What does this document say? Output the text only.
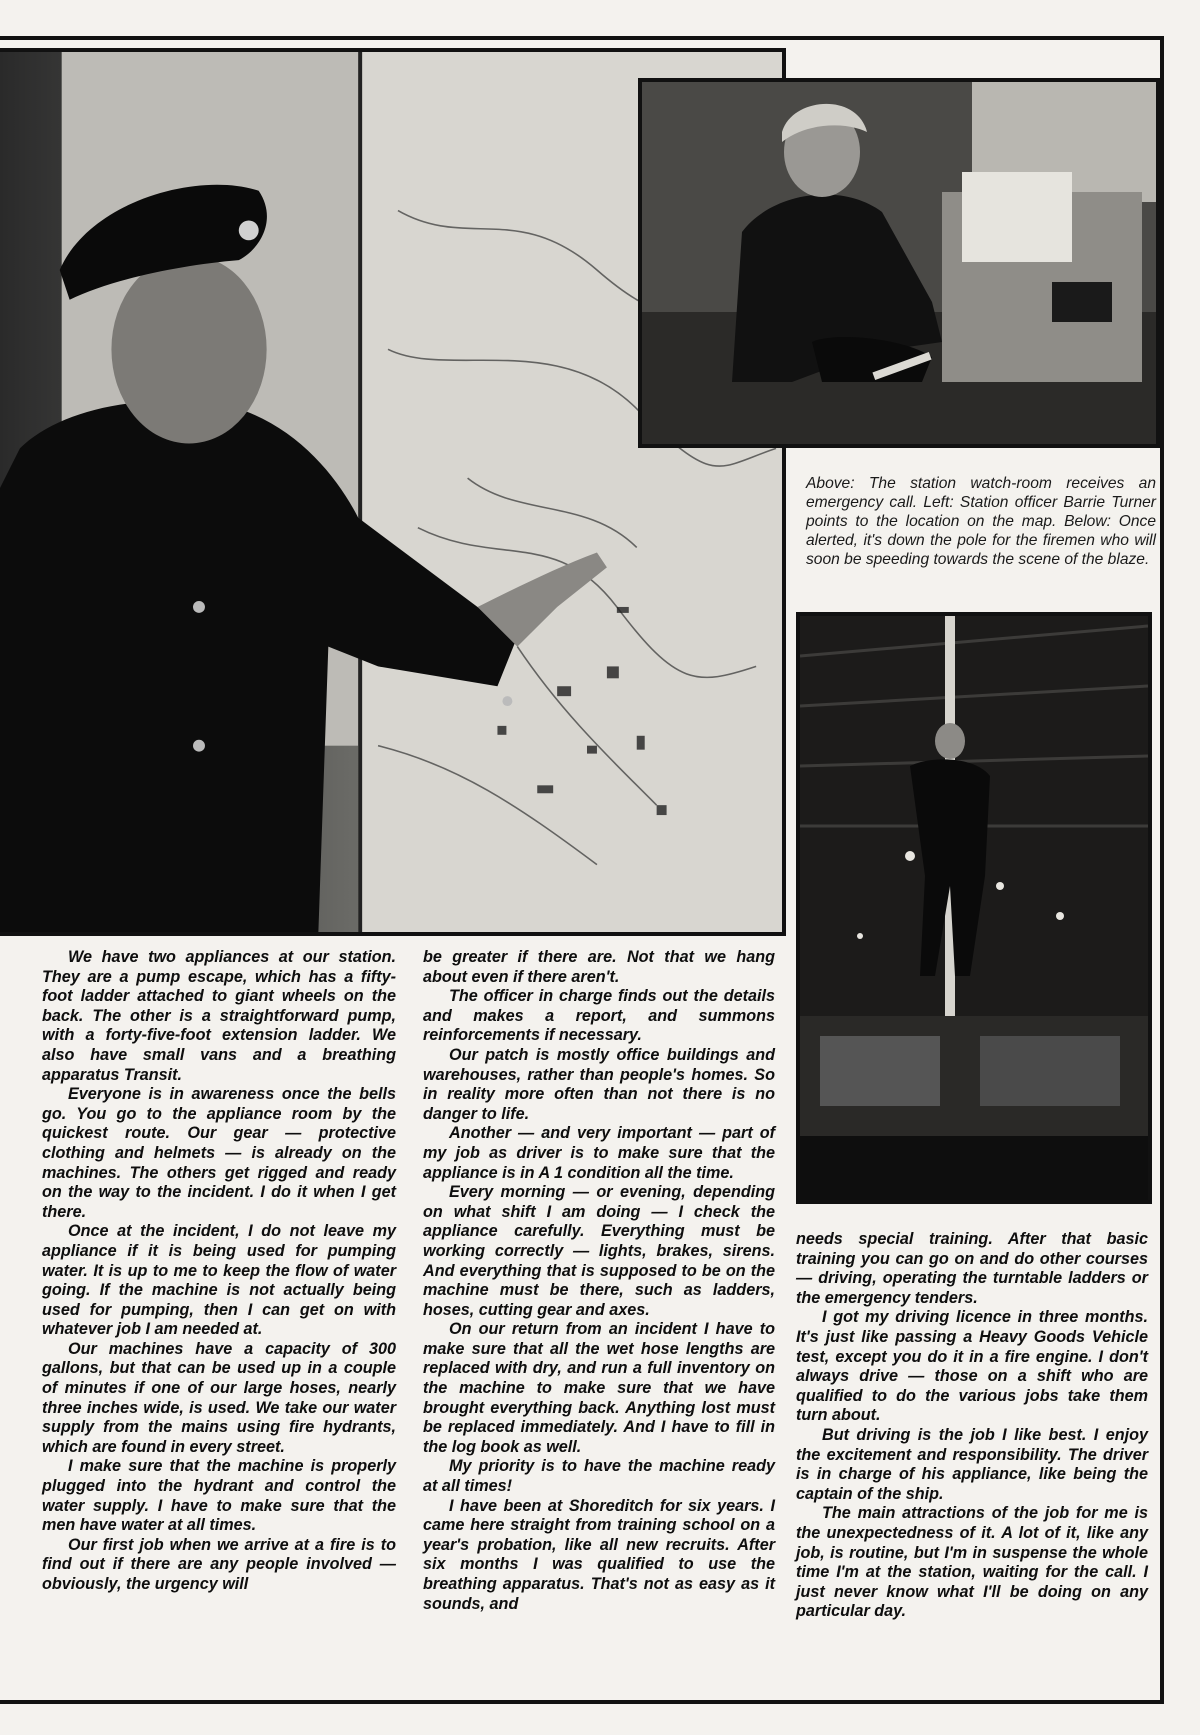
Above: The station watch-room receives an emergency call. Left: Station officer Barrie Turner points to the location on the map. Below: Once alerted, it's down the pole for the firemen who will soon be speeding towards the scene of the blaze.

We have two appliances at our station. They are a pump escape, which has a fifty-foot ladder attached to giant wheels on the back. The other is a straightforward pump, with a forty-five-foot extension ladder. We also have small vans and a breathing apparatus Transit.

Everyone is in awareness once the bells go. You go to the appliance room by the quickest route. Our gear — protective clothing and helmets — is already on the machines. The others get rigged and ready on the way to the incident. I do it when I get there.

Once at the incident, I do not leave my appliance if it is being used for pumping water. It is up to me to keep the flow of water going. If the machine is not actually being used for pumping, then I can get on with whatever job I am needed at.

Our machines have a capacity of 300 gallons, but that can be used up in a couple of minutes if one of our large hoses, nearly three inches wide, is used. We take our water supply from the mains using fire hydrants, which are found in every street.

I make sure that the machine is properly plugged into the hydrant and control the water supply. I have to make sure that the men have water at all times.

Our first job when we arrive at a fire is to find out if there are any people involved — obviously, the urgency will

be greater if there are. Not that we hang about even if there aren't.

The officer in charge finds out the details and makes a report, and summons reinforcements if necessary.

Our patch is mostly office buildings and warehouses, rather than people's homes. So in reality more often than not there is no danger to life.

Another — and very important — part of my job as driver is to make sure that the appliance is in A 1 condition all the time.

Every morning — or evening, depending on what shift I am doing — I check the appliance carefully. Everything must be working correctly — lights, brakes, sirens. And everything that is supposed to be on the machine must be there, such as ladders, hoses, cutting gear and axes.

On our return from an incident I have to make sure that all the wet hose lengths are replaced with dry, and run a full inventory on the machine to make sure that we have brought everything back. Anything lost must be replaced immediately. And I have to fill in the log book as well.

My priority is to have the machine ready at all times!

I have been at Shoreditch for six years. I came here straight from training school on a year's probation, like all new recruits. After six months I was qualified to use the breathing apparatus. That's not as easy as it sounds, and

needs special training. After that basic training you can go on and do other courses — driving, operating the turntable ladders or the emergency tenders.

I got my driving licence in three months. It's just like passing a Heavy Goods Vehicle test, except you do it in a fire engine. I don't always drive — those on a shift who are qualified to do the various jobs take them turn about.

But driving is the job I like best. I enjoy the excitement and responsibility. The driver is in charge of his appliance, like being the captain of the ship.

The main attractions of the job for me is the unexpectedness of it. A lot of it, like any job, is routine, but I'm in suspense the whole time I'm at the station, waiting for the call. I just never know what I'll be doing on any particular day.
